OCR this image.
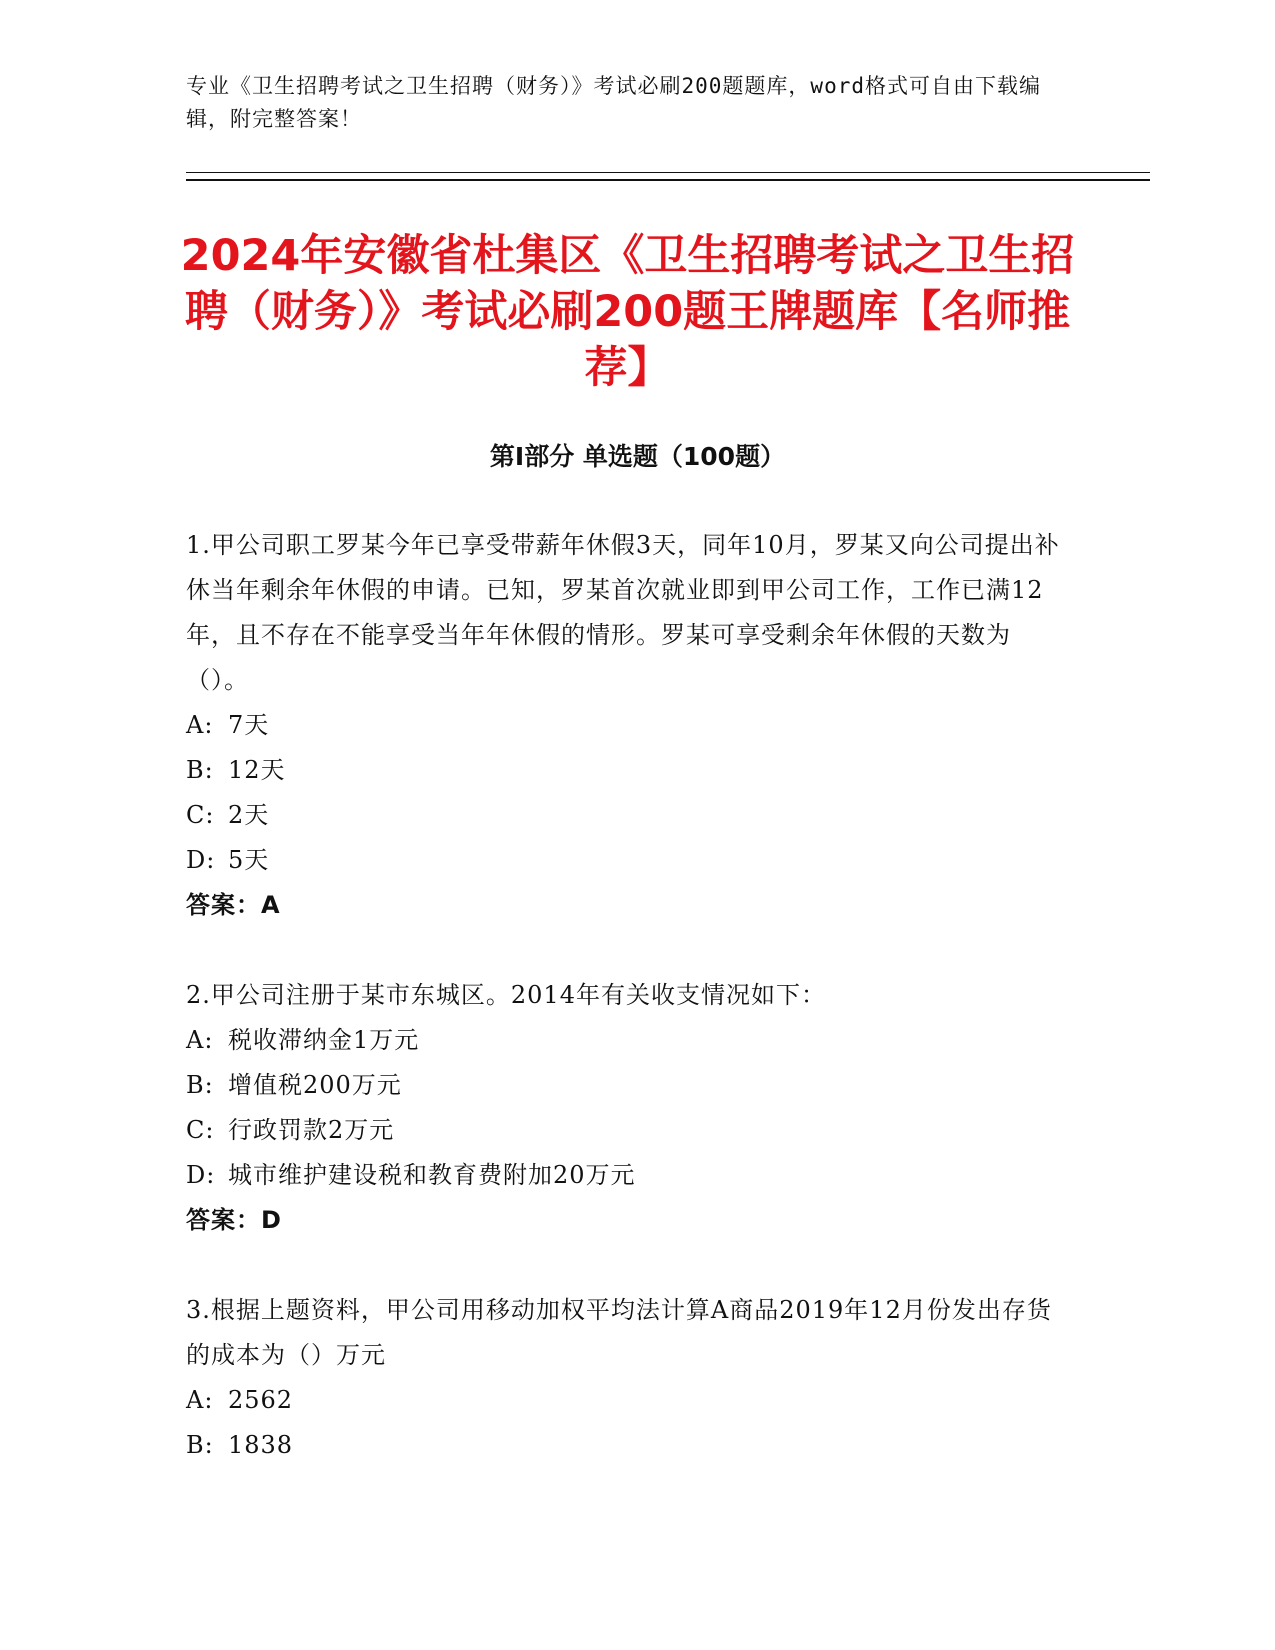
专业《卫生招聘考试之卫生招聘（财务）》考试必刷200题题库，word格式可自由下载编辑，附完整答案！
2024年安徽省杜集区《卫生招聘考试之卫生招聘（财务）》考试必刷200题王牌题库【名师推荐】
第I部分 单选题（100题）

1.甲公司职工罗某今年已享受带薪年休假3天，同年10月，罗某又向公司提出补休当年剩余年休假的申请。已知，罗某首次就业即到甲公司工作，工作已满12年，且不存在不能享受当年年休假的情形。罗某可享受剩余年休假的天数为（）。

A: 7天

B: 12天

C: 2天

D: 5天

答案：A

2.甲公司注册于某市东城区。2014年有关收支情况如下：

A: 税收滞纳金1万元

B: 增值税200万元

C: 行政罚款2万元

D: 城市维护建设税和教育费附加20万元

答案：D

3.根据上题资料，甲公司用移动加权平均法计算A商品2019年12月份发出存货的成本为（）万元

A: 2562

B: 1838
